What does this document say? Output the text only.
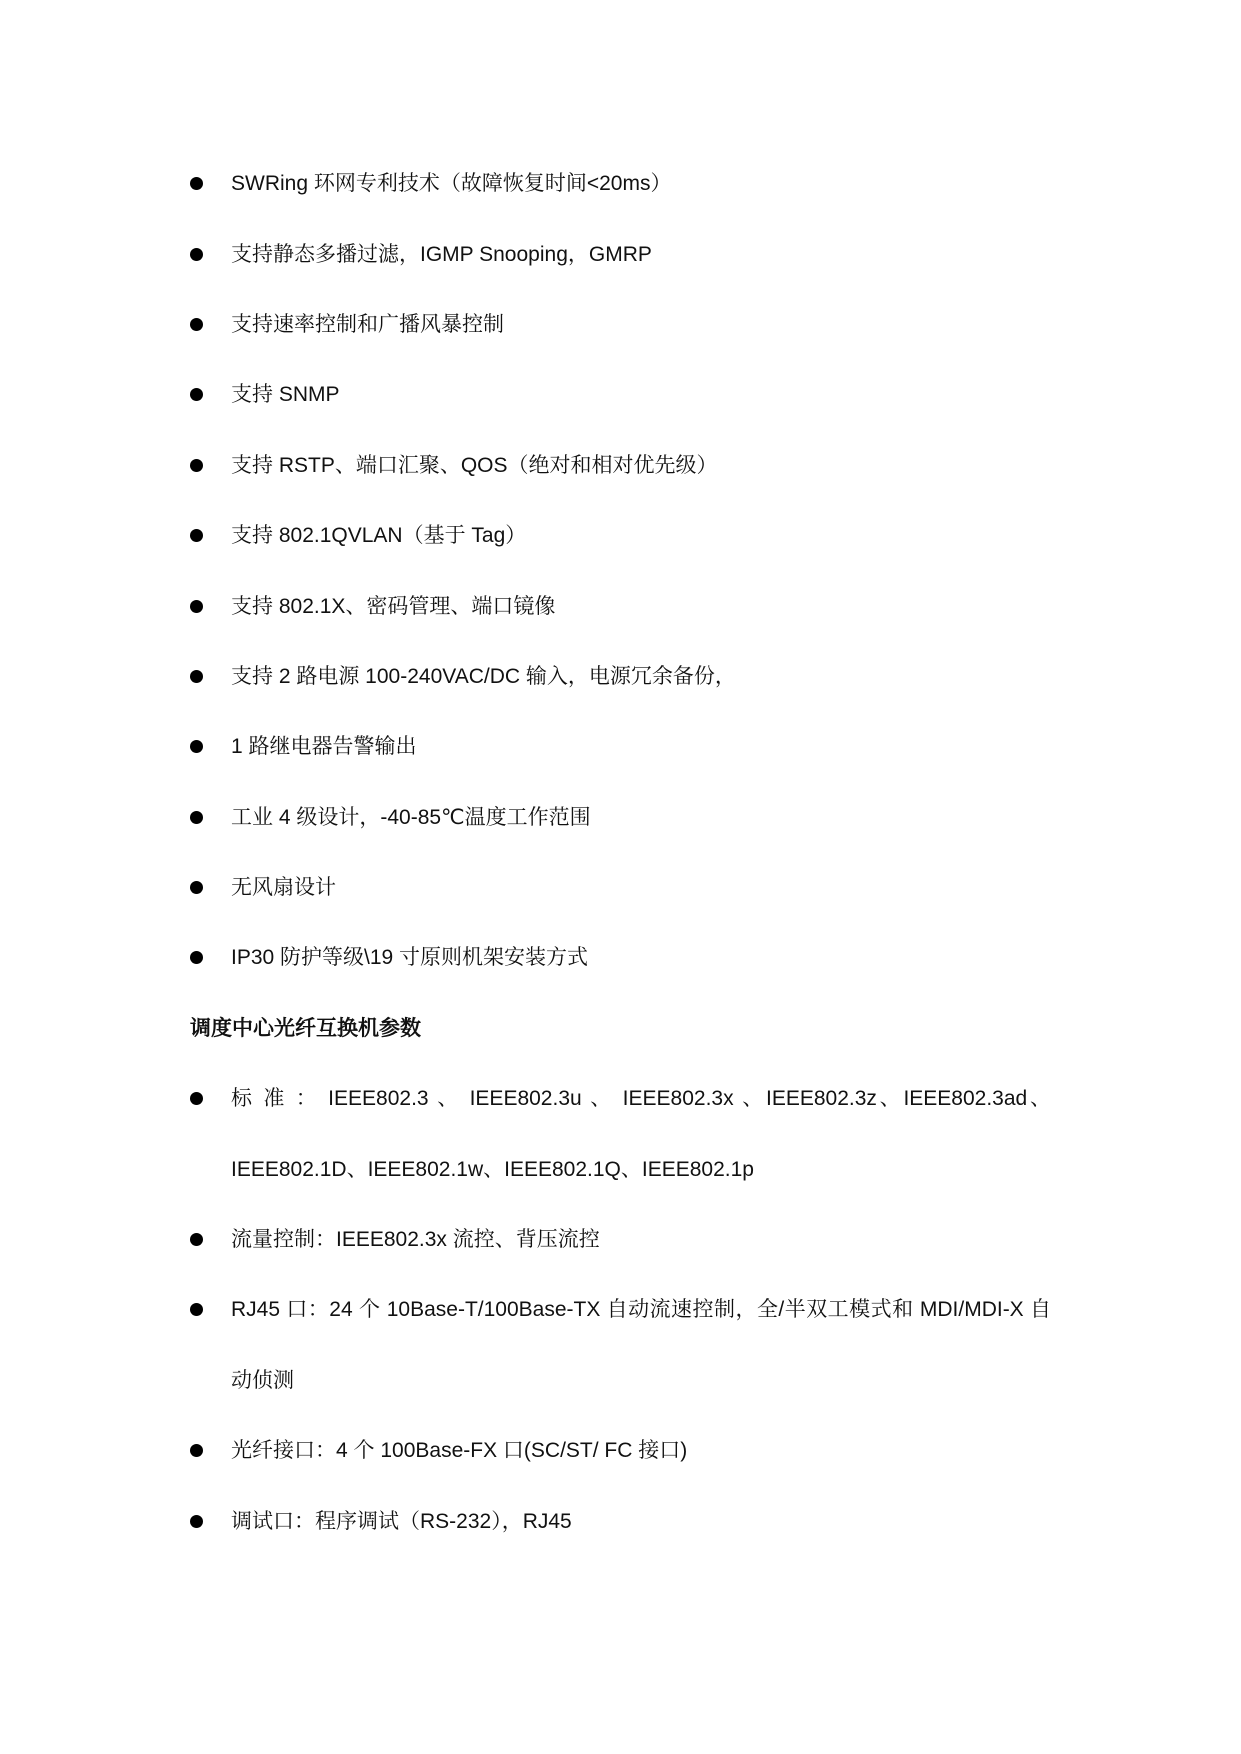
SWRing 环网专利技术（故障恢复时间<20ms）
支持静态多播过滤，IGMP Snooping，GMRP
支持速率控制和广播风暴控制
支持 SNMP
支持 RSTP、端口汇聚、QOS（绝对和相对优先级）
支持 802.1QVLAN（基于 Tag）
支持 802.1X、密码管理、端口镜像
支持 2 路电源 100-240VAC/DC 输入，电源冗余备份，
1 路继电器告警输出
工业 4 级设计，-40-85℃温度工作范围
无风扇设计
IP30 防护等级\19 寸原则机架安装方式
调度中心光纤互换机参数
标 准 ： IEEE802.3 、 IEEE802.3u 、 IEEE802.3x 、IEEE802.3z、IEEE802.3ad、
IEEE802.1D、IEEE802.1w、IEEE802.1Q、IEEE802.1p
流量控制：IEEE802.3x 流控、背压流控
RJ45 口：24 个 10Base-T/100Base-TX 自动流速控制，全/半双工模式和 MDI/MDI-X 自
动侦测
光纤接口：4 个 100Base-FX 口(SC/ST/ FC 接口)
调试口：程序调试（RS-232），RJ45
